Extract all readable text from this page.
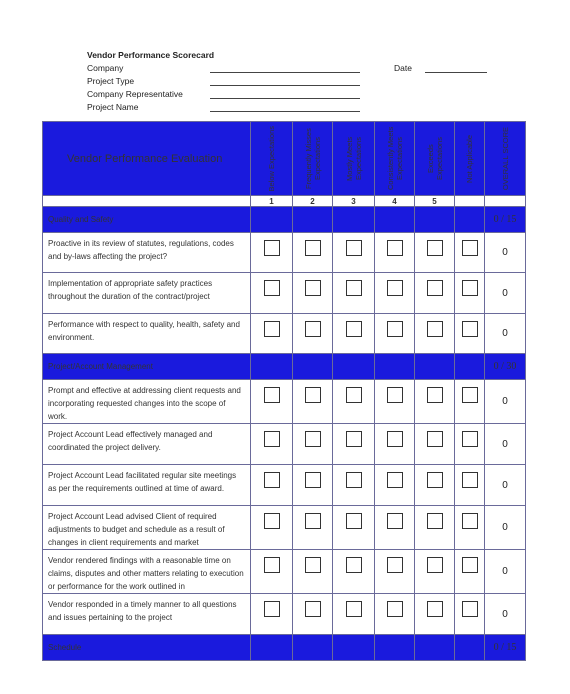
Vendor Performance Scorecard
Company
Project Type
Company Representative
Project Name
Date
Vendor Performance Evaluation	Below Expectations	Frequently Misses Expectations	Mostly Meets Expectations	Consistently Meets Expectations	Exceeds Expectations	Not Applicable	OVERALL SCORE

	1	2	3	4	5		
Quality and Safety							0 / 15
Proactive in its review of statutes, regulations, codes and by-laws affecting the project?							0
Implementation of appropriate safety practices throughout the duration of the contract/project							0
Performance with respect to quality, health, safety and environment.							0
Project/Account Management							0 / 30
Prompt and effective at addressing client requests and incorporating requested changes into the scope of work.							0
Project Account Lead effectively managed and coordinated the project delivery.							0
Project Account Lead facilitated regular site meetings as per the requirements outlined at time of award.							0
Project Account Lead advised Client of required adjustments to budget and schedule as a result of changes in client requirements and market							0
Vendor rendered findings with a reasonable time on claims, disputes and other matters relating to execution or performance for the work outlined in							0
Vendor responded in a timely manner to all questions and issues pertaining to the project							0
Schedule							0 / 15
